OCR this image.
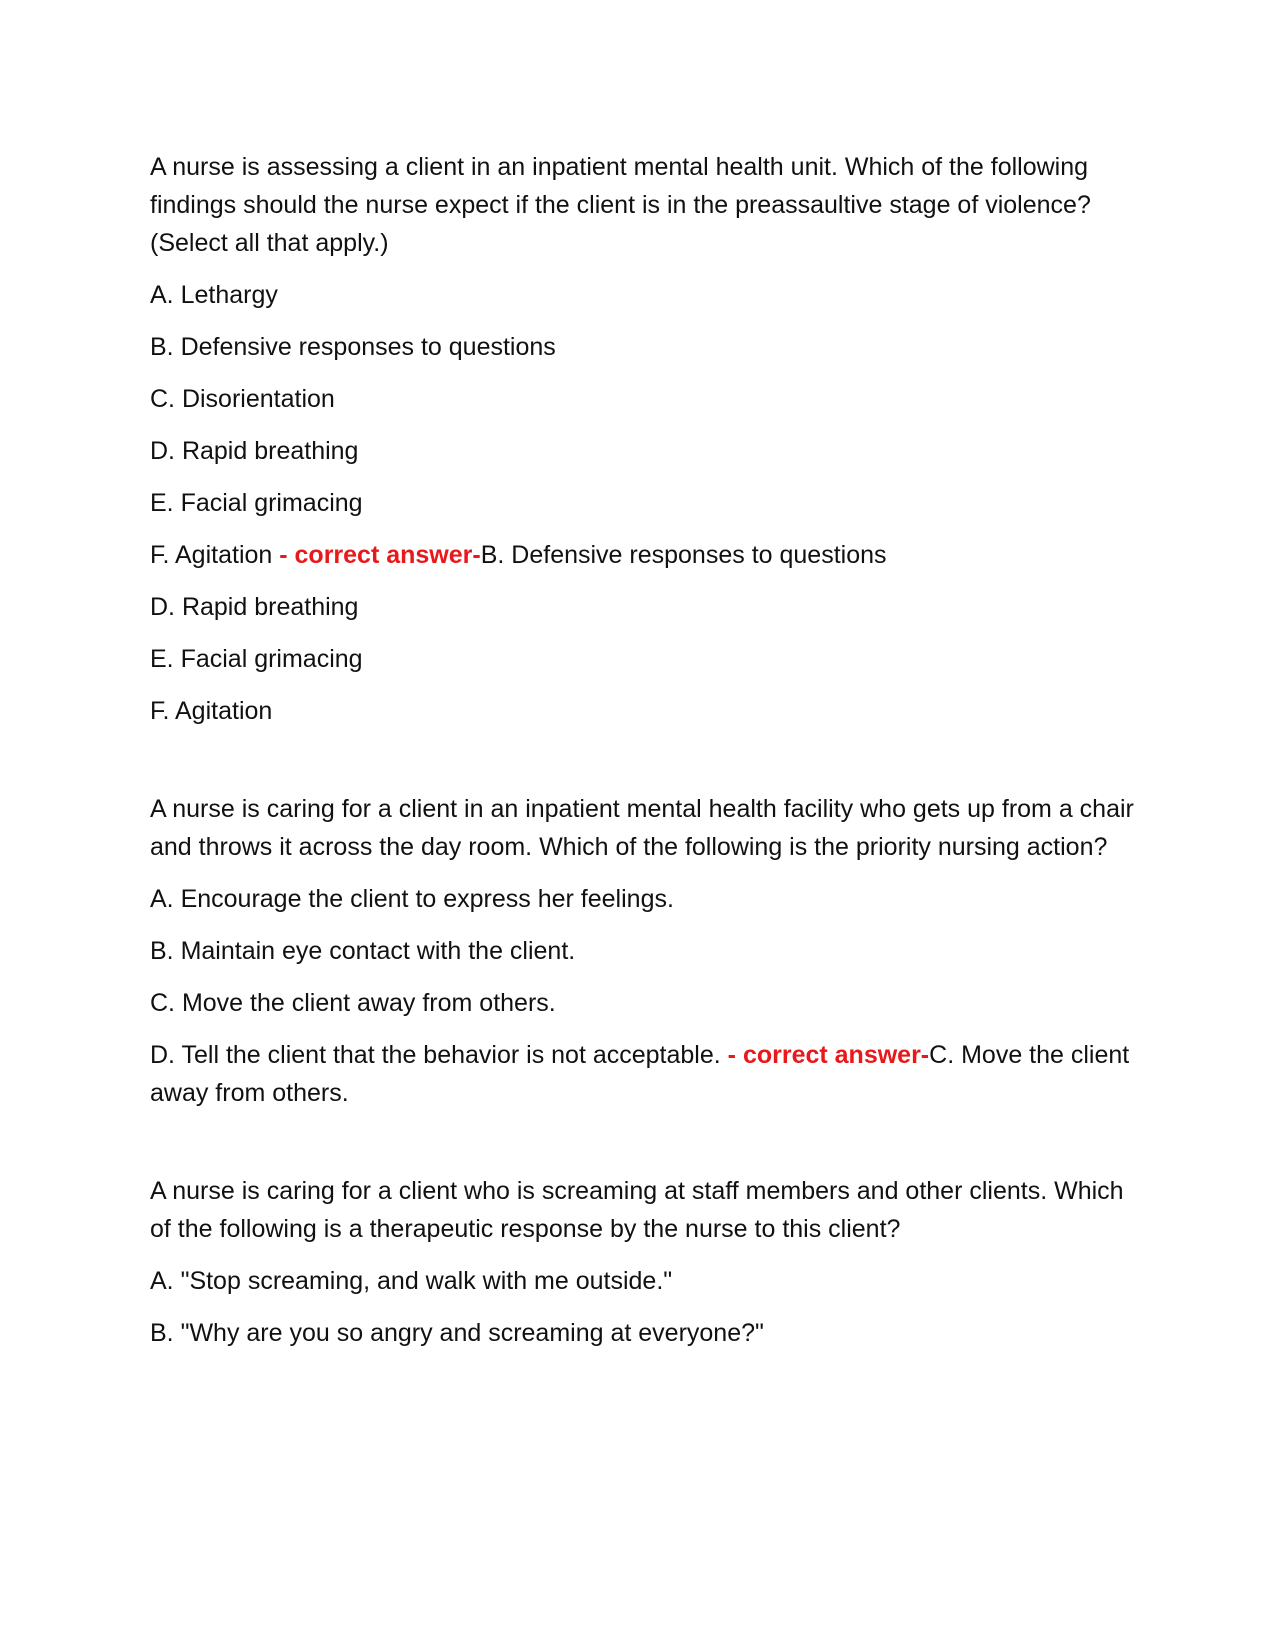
A nurse is assessing a client in an inpatient mental health unit. Which of the following findings should the nurse expect if the client is in the preassaultive stage of violence? (Select all that apply.)

A. Lethargy

B. Defensive responses to questions

C. Disorientation

D. Rapid breathing

E. Facial grimacing

F. Agitation - correct answer-B. Defensive responses to questions

D. Rapid breathing

E. Facial grimacing

F. Agitation

A nurse is caring for a client in an inpatient mental health facility who gets up from a chair and throws it across the day room. Which of the following is the priority nursing action?

A. Encourage the client to express her feelings.

B. Maintain eye contact with the client.

C. Move the client away from others.

D. Tell the client that the behavior is not acceptable. - correct answer-C. Move the client away from others.

A nurse is caring for a client who is screaming at staff members and other clients. Which of the following is a therapeutic response by the nurse to this client?

A. "Stop screaming, and walk with me outside."

B. "Why are you so angry and screaming at everyone?"
